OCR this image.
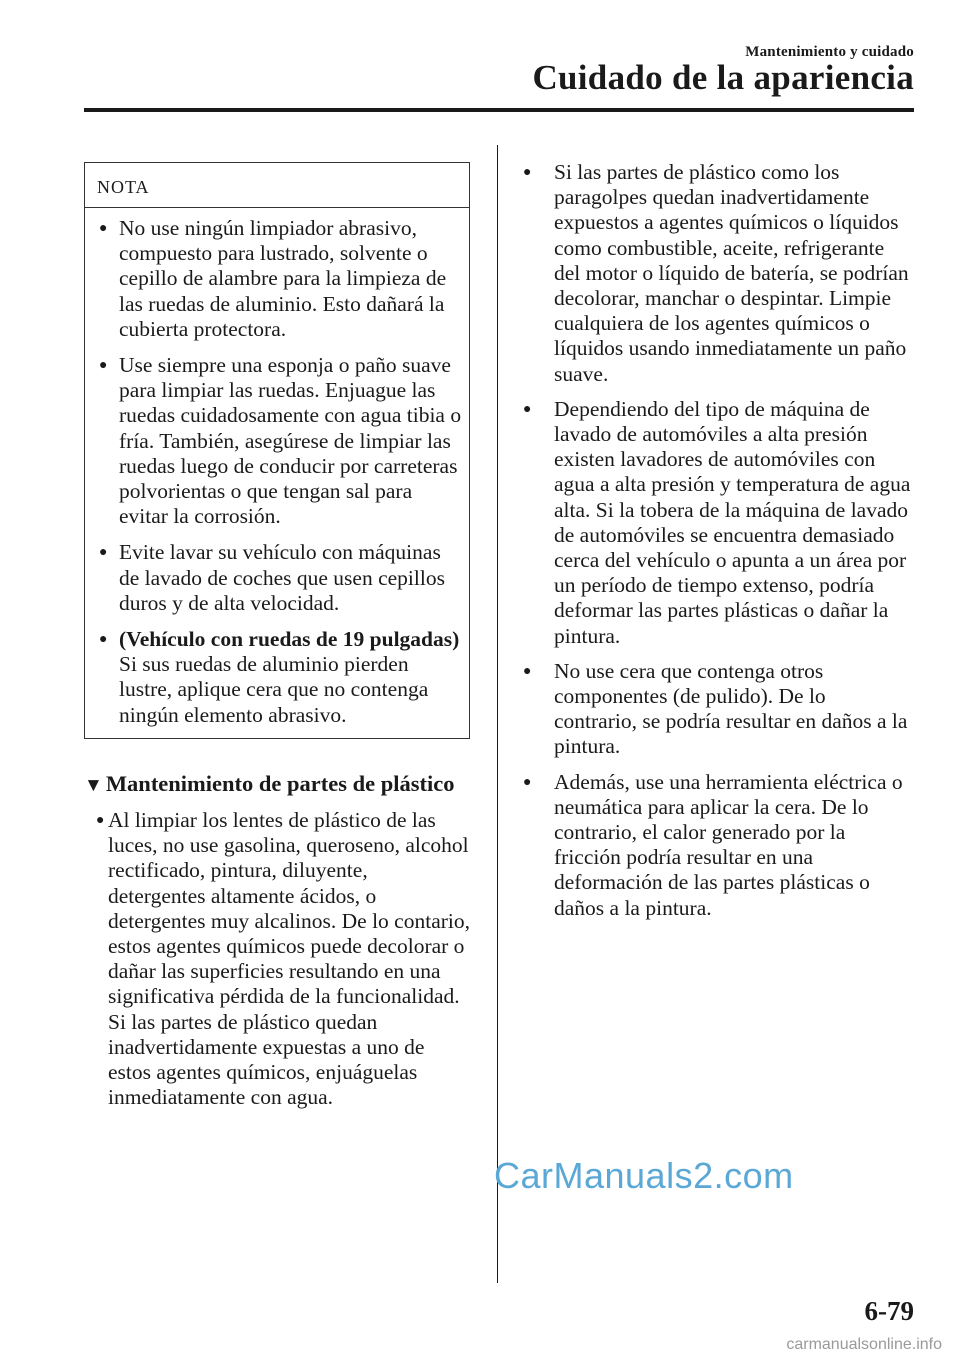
Mantenimiento y cuidado
Cuidado de la apariencia
NOTA
● No use ningún limpiador abrasivo, compuesto para lustrado, solvente o cepillo de alambre para la limpieza de las ruedas de aluminio. Esto dañará la cubierta protectora.
● Use siempre una esponja o paño suave para limpiar las ruedas. Enjuague las ruedas cuidadosamente con agua tibia o fría. También, asegúrese de limpiar las ruedas luego de conducir por carreteras polvorientas o que tengan sal para evitar la corrosión.
● Evite lavar su vehículo con máquinas de lavado de coches que usen cepillos duros y de alta velocidad.
● (Vehículo con ruedas de 19 pulgadas)
Si sus ruedas de aluminio pierden lustre, aplique cera que no contenga ningún elemento abrasivo.
▼ Mantenimiento de partes de plástico
● Al limpiar los lentes de plástico de las luces, no use gasolina, queroseno, alcohol rectificado, pintura, diluyente, detergentes altamente ácidos, o detergentes muy alcalinos. De lo contario, estos agentes químicos puede decolorar o dañar las superficies resultando en una significativa pérdida de la funcionalidad. Si las partes de plástico quedan inadvertidamente expuestas a uno de estos agentes químicos, enjuáguelas inmediatamente con agua.
● Si las partes de plástico como los paragolpes quedan inadvertidamente expuestos a agentes químicos o líquidos como combustible, aceite, refrigerante del motor o líquido de batería, se podrían decolorar, manchar o despintar. Limpie cualquiera de los agentes químicos o líquidos usando inmediatamente un paño suave.
● Dependiendo del tipo de máquina de lavado de automóviles a alta presión existen lavadores de automóviles con agua a alta presión y temperatura de agua alta. Si la tobera de la máquina de lavado de automóviles se encuentra demasiado cerca del vehículo o apunta a un área por un período de tiempo extenso, podría deformar las partes plásticas o dañar la pintura.
● No use cera que contenga otros componentes (de pulido). De lo contrario, se podría resultar en daños a la pintura.
● Además, use una herramienta eléctrica o neumática para aplicar la cera. De lo contrario, el calor generado por la fricción podría resultar en una deformación de las partes plásticas o daños a la pintura.
CarManuals2.com
6-79
carmanualsonline.info
